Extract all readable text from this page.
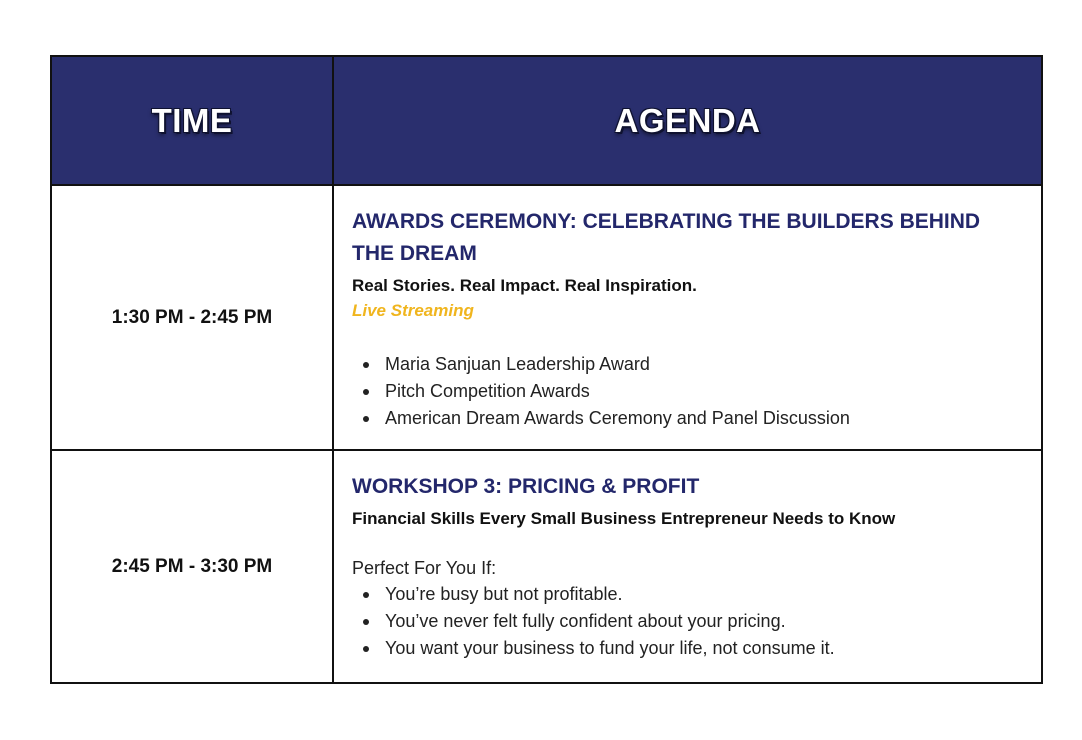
TIME	AGENDA
1:30 PM - 2:45 PM

AWARDS CEREMONY: CELEBRATING THE BUILDERS BEHIND THE DREAM

Real Stories. Real Impact. Real Inspiration.

Live Streaming

Maria Sanjuan Leadership Award
Pitch Competition Awards
American Dream Awards Ceremony and Panel Discussion
2:45 PM - 3:30 PM

WORKSHOP 3: PRICING & PROFIT

Financial Skills Every Small Business Entrepreneur Needs to Know

Perfect For You If:

You’re busy but not profitable.
You’ve never felt fully confident about your pricing.
You want your business to fund your life, not consume it.
